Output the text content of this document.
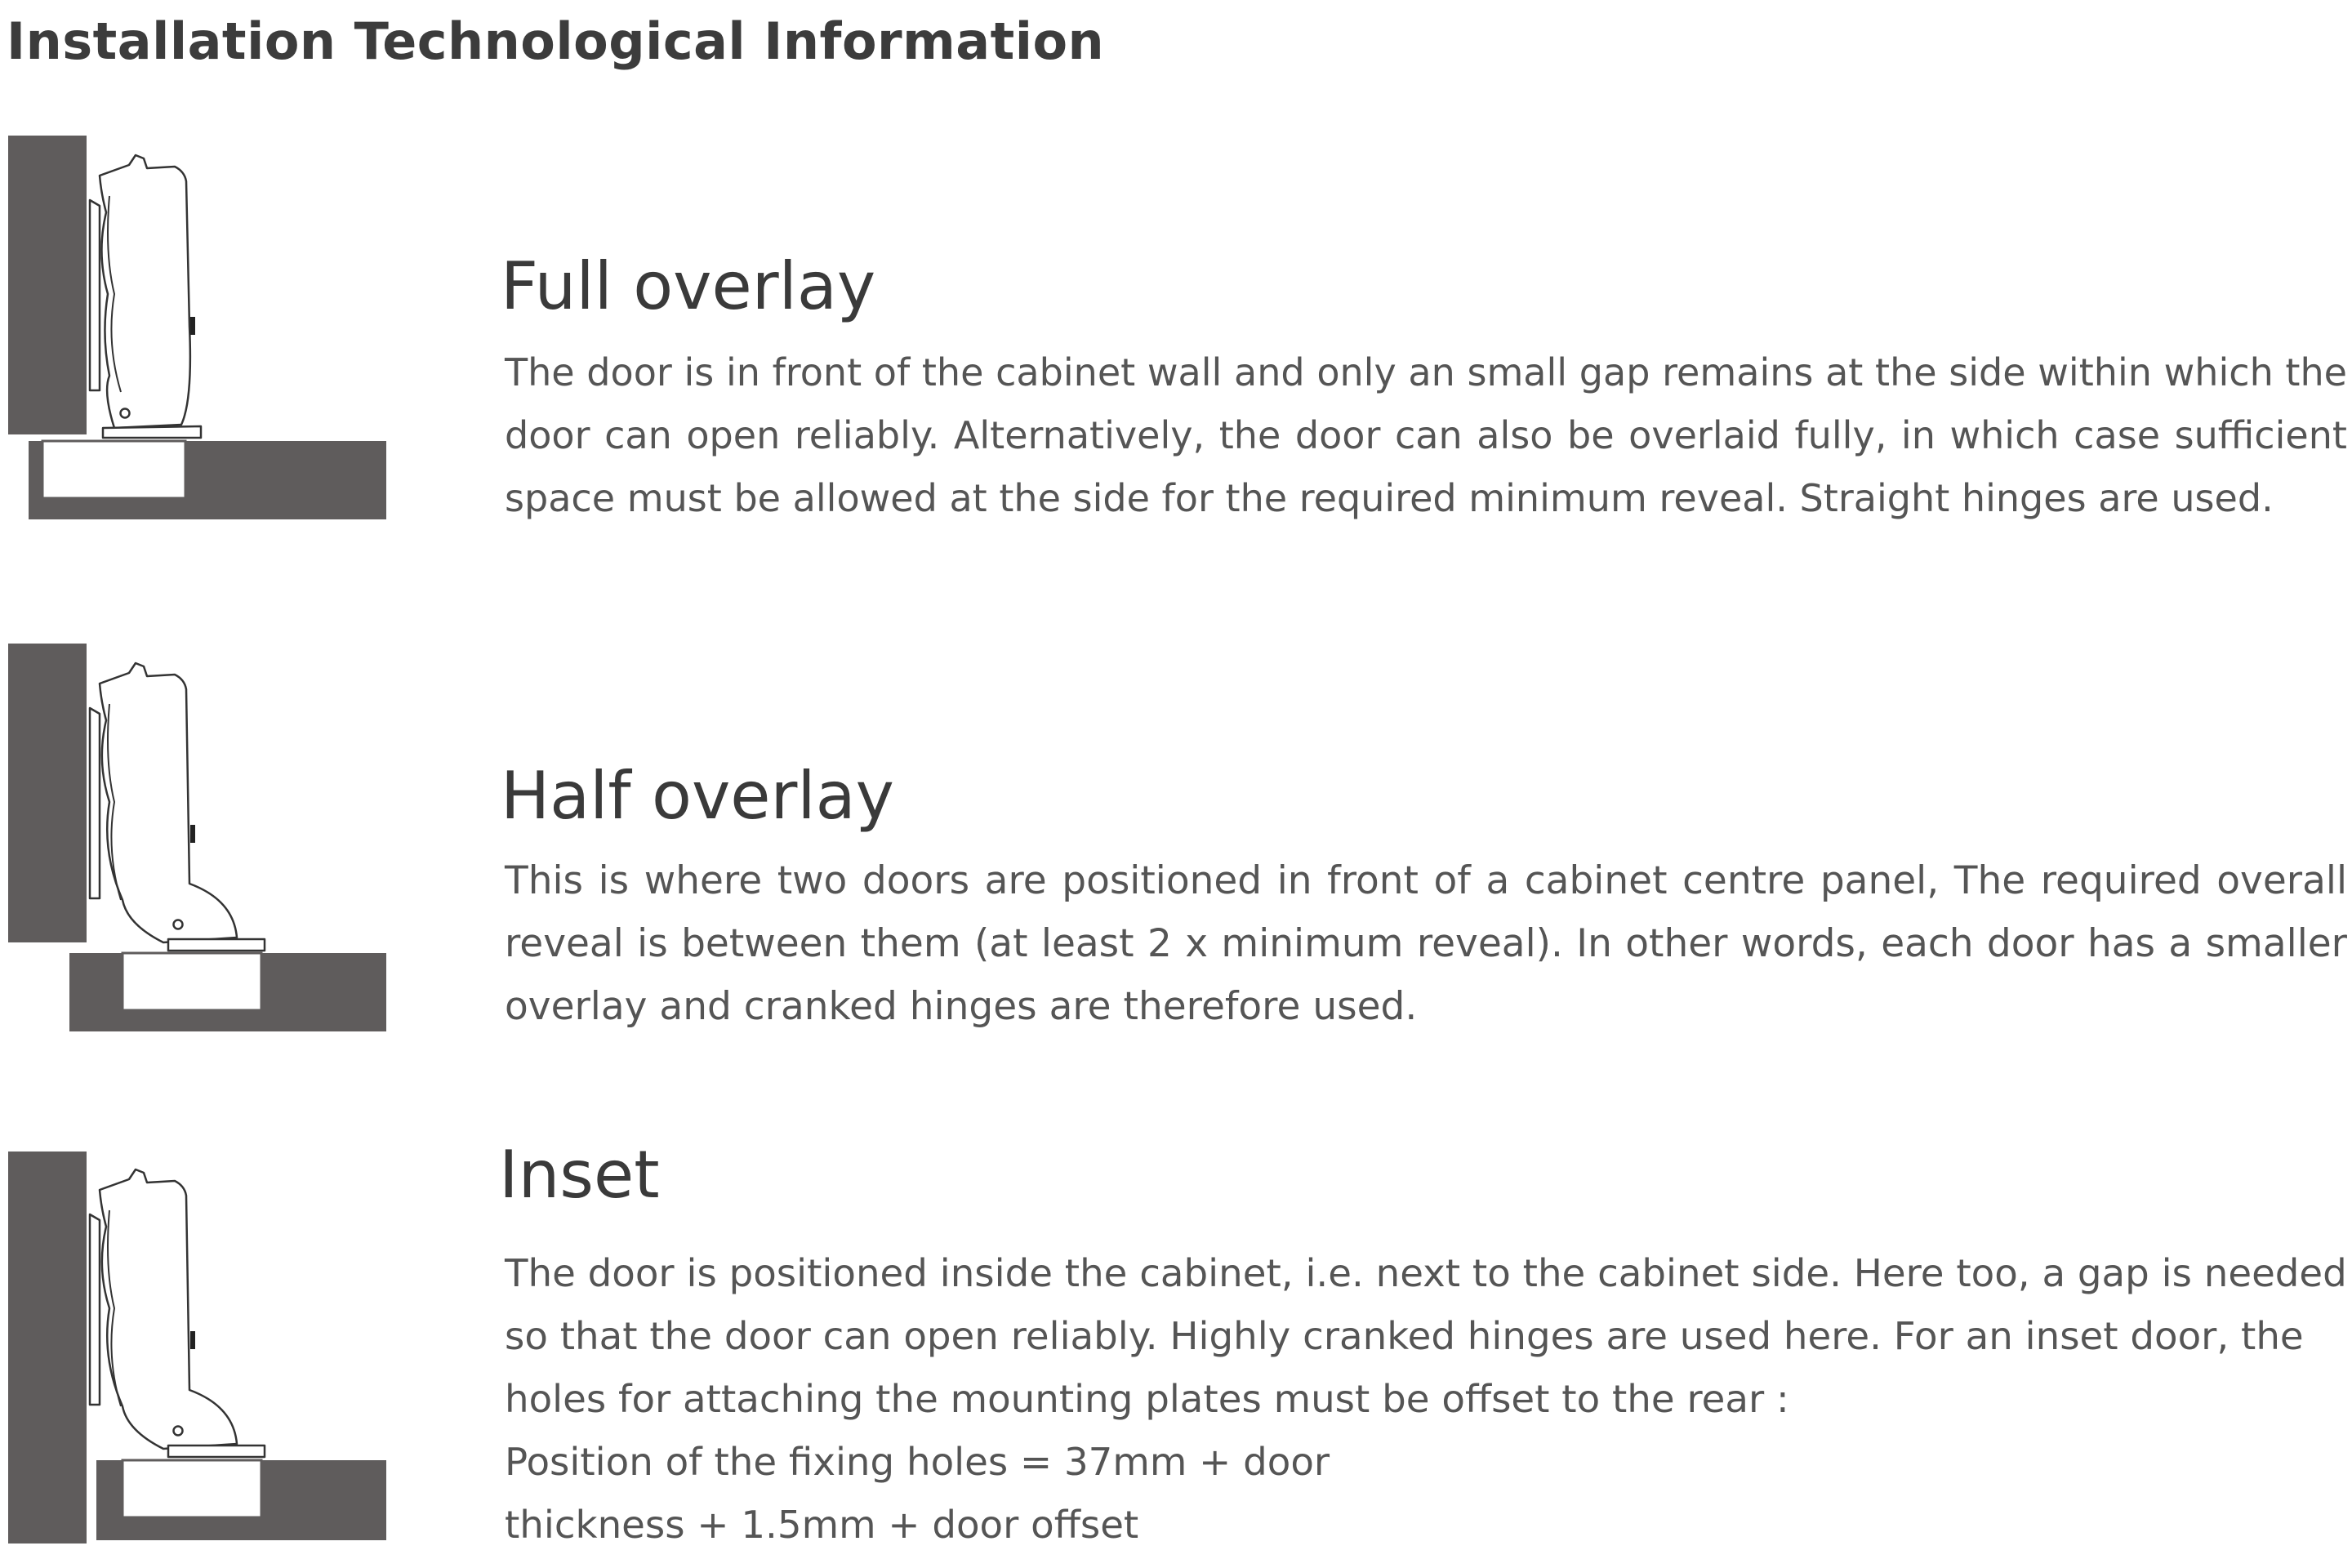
Installation Technological Information
Full overlay

The door is in front of the cabinet wall and only an small gap remains at the side within which the
door can open reliably. Alternatively, the door can also be overlaid fully, in which case sufficient
space must be allowed at the side for the required minimum reveal. Straight hinges are used.

Half overlay

This is where two doors are positioned in front of a cabinet centre panel, The required overall
reveal is between them (at least 2 x minimum reveal). In other words, each door has a smaller
overlay and cranked hinges are therefore used.

Inset

The door is positioned inside the cabinet, i.e. next to the cabinet side. Here too, a gap is needed
so that the door can open reliably. Highly cranked hinges are used here. For an inset door, the
holes for attaching the mounting plates must be offset to the rear :
Position of the fixing holes = 37mm + door
thickness + 1.5mm + door offset
